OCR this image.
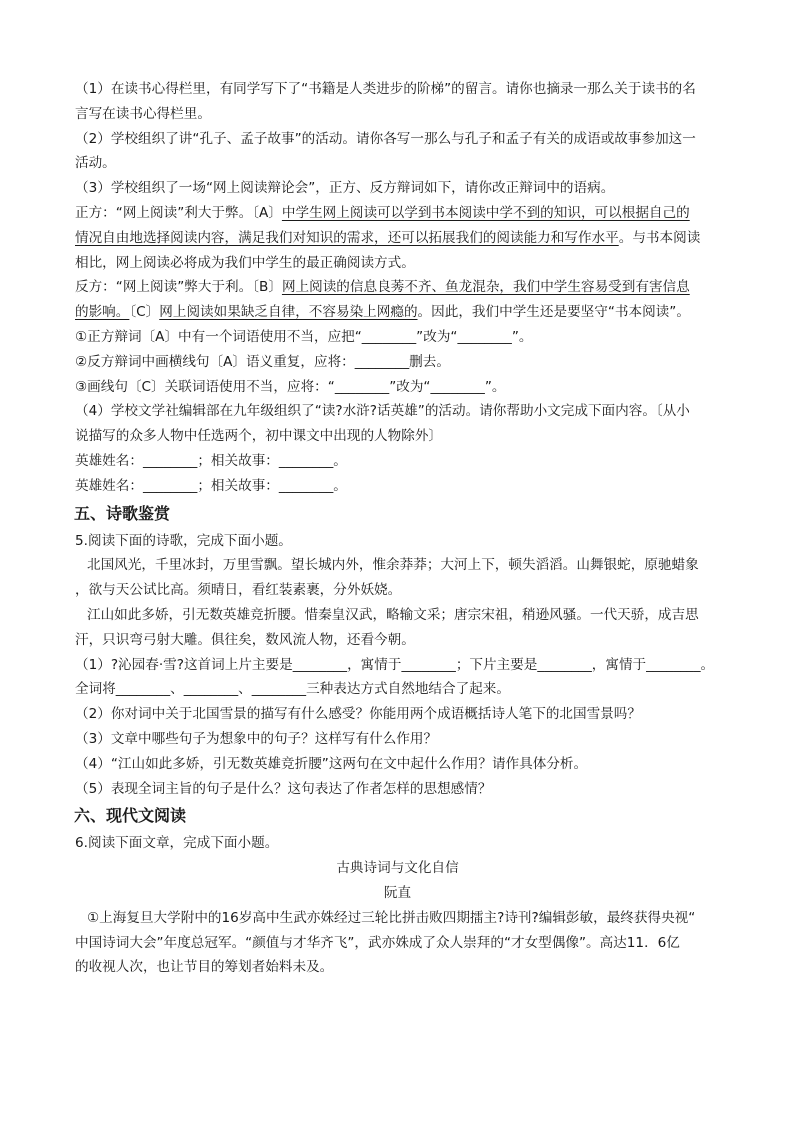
（1）在读书心得栏里，有同学写下了“书籍是人类进步的阶梯”的留言。请你也摘录一那么关于读书的名

言写在读书心得栏里。

（2）学校组织了讲“孔子、孟子故事”的活动。请你各写一那么与孔子和孟子有关的成语或故事参加这一

活动。

（3）学校组织了一场“网上阅读辩论会”，正方、反方辩词如下，请你改正辩词中的语病。

正方：“网上阅读”利大于弊。〔A〕中学生网上阅读可以学到书本阅读中学不到的知识，可以根据自己的

情况自由地选择阅读内容，满足我们对知识的需求，还可以拓展我们的阅读能力和写作水平。与书本阅读

相比，网上阅读必将成为我们中学生的最正确阅读方式。

反方：“网上阅读”弊大于利。〔B〕网上阅读的信息良莠不齐、鱼龙混杂，我们中学生容易受到有害信息

的影响。〔C〕网上阅读如果缺乏自律，不容易染上网瘾的。因此，我们中学生还是要坚守“书本阅读”。

①正方辩词〔A〕中有一个词语使用不当，应把“________”改为“________”。

②反方辩词中画横线句〔A〕语义重复，应将：________删去。

③画线句〔C〕关联词语使用不当，应将：“________”改为“________”。

（4）学校文学社编辑部在九年级组织了“读?水浒?话英雄”的活动。请你帮助小文完成下面内容。〔从小

说描写的众多人物中任选两个，初中课文中出现的人物除外〕

英雄姓名：________；相关故事：________。

英雄姓名：________；相关故事：________。

五、诗歌鉴赏

5.阅读下面的诗歌，完成下面小题。

北国风光，千里冰封，万里雪飘。望长城内外，惟余莽莽；大河上下，顿失滔滔。山舞银蛇，原驰蜡象

，欲与天公试比高。须晴日，看红装素裹，分外妖娆。

江山如此多娇，引无数英雄竞折腰。惜秦皇汉武，略输文采；唐宗宋祖，稍逊风骚。一代天骄，成吉思

汗，只识弯弓射大雕。俱往矣，数风流人物，还看今朝。

（1）?沁园春·雪?这首词上片主要是________，寓情于________；下片主要是________，寓情于________。

全词将________、________、________三种表达方式自然地结合了起来。

（2）你对词中关于北国雪景的描写有什么感受？你能用两个成语概括诗人笔下的北国雪景吗？

（3）文章中哪些句子为想象中的句子？这样写有什么作用？

（4）“江山如此多娇，引无数英雄竞折腰”这两句在文中起什么作用？请作具体分析。

（5）表现全词主旨的句子是什么？这句表达了作者怎样的思想感情？

六、现代文阅读

6.阅读下面文章，完成下面小题。

古典诗词与文化自信

阮直

①上海复旦大学附中的16岁高中生武亦姝经过三轮比拼击败四期擂主?诗刊?编辑彭敏，最终获得央视“

中国诗词大会”年度总冠军。“颜值与才华齐飞”，武亦姝成了众人崇拜的“才女型偶像”。高达11．6亿

的收视人次，也让节目的筹划者始料未及。
